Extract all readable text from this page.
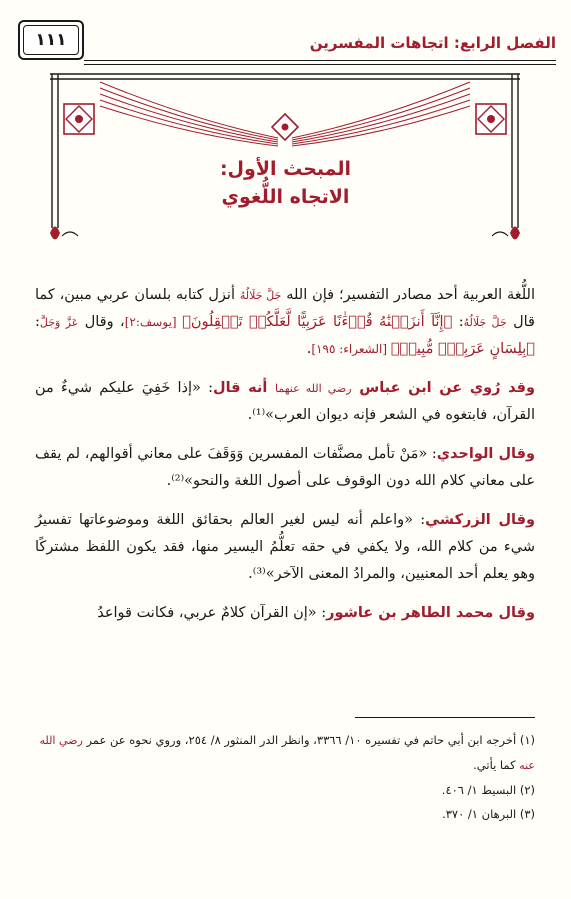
١١١	الفصل الرابع: اتجاهات المفسرين
المبحث الأول:
الاتجاه اللُّغوي

اللُّغة العربية أحد مصادر التفسير؛ فإن الله جَلَّ جَلَالُهُ أنزل كتابه بلسان عربي مبين، كما قال جَلَّ جَلَالُهُ: ﴿إِنَّآ أَنزَلۡنَٰهُ قُرۡءَٰنًا عَرَبِيًّا لَّعَلَّكُمۡ تَعۡقِلُونَ﴾ [يوسف:٢]، وقال عَزَّ وَجَلَّ: ﴿بِلِسَانٍ عَرَبِيّٖ مُّبِينٖ﴾ [الشعراء: ١٩٥].

وقد رُوي عن ابن عباس رضي الله عنهما أنه قال: «إذا خَفِيَ عليكم شيءٌ من القرآن، فابتغوه في الشعر فإنه ديوان العرب»⁽¹⁾.

وقال الواحدي: «مَنْ تأمل مصنَّفات المفسرين وَوَقَفَ على معاني أقوالهم، لم يقف على معاني كلام الله دون الوقوف على أصول اللغة والنحو»⁽²⁾.

وقال الزركشي: «واعلم أنه ليس لغير العالم بحقائق اللغة وموضوعاتها تفسيرُ شيء من كلام الله، ولا يكفي في حقه تعلُّمُ اليسير منها، فقد يكون اللفظ مشتركًا وهو يعلم أحد المعنيين، والمرادُ المعنى الآخر»⁽³⁾.

وقال محمد الطاهر بن عاشور: «إن القرآن كلامٌ عربي، فكانت قواعدُ

(١) أخرجه ابن أبي حاتم في تفسيره ١٠/ ٣٣٦٦، وانظر الدر المنثور ٨/ ٢٥٤، وروي نحوه عن عمر رضي الله عنه كما يأتي.

(٢) البسيط ١/ ٤٠٦.

(٣) البرهان ١/ ٣٧٠.
